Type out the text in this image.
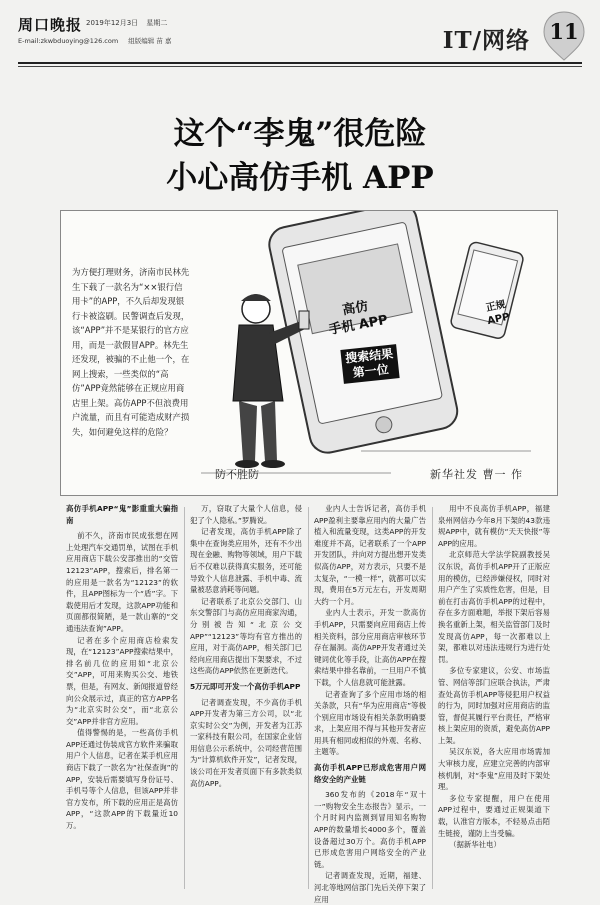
周口晚报 2019年12月3日 星期二
E-mail:zkwbduoying@126.com 组版编辑 苗 嘉	IT/网络 11
这个“李鬼”很危险
小心高仿手机 APP
为方便打理财务，济南市民林先生下载了一款名为“××银行信用卡”的APP，不久后却发现银行卡被盗刷。民警调查后发现，该“APP”并不是某银行的官方应用，而是一款假冒APP。林先生还发现，被骗的不止他一个，在网上搜索，一些类似的“高仿”APP竟然能够在正规应用商店里上架。高仿APP不但浪费用户流量，而且有可能造成财产损失，如何避免这样的危险？
高仿
手机 APP
搜索结果
第一位
正规
APP
防不胜防	新华社发 曹一 作

高仿手机APP“鬼”影重重大骗指南

前不久，济南市民成张想在网上处理汽车交通罚单，试图在手机应用商店下载公安部推出的“交管12123”APP，搜索后，排名第一的应用是一款名为“12123”的软件，且APP图标为一个“盾”字。下载使用后才发现，这款APP功能和页面都很简陋，是一款山寨的“交通违法查询”APP。

记者在多个应用商店检索发现，在“12123”APP搜索结果中，排名前几位的应用如“北京公交”APP，可用来购买公交、地铁票，但是，有网友、新闻报道曾经向公众展示过，真正的官方APP名为“北京实时公交”，而“北京公交”APP并非官方应用。

值得警惕的是，一些高仿手机APP还通过伪装成官方软件来骗取用户个人信息，记者在某手机应用商店下载了一款名为“社保查询”的APP，安装后需要填写身份证号、手机号等个人信息，但该APP并非官方发布，所下载的应用正是高仿APP，“这款APP的下载量近10万。

万，窃取了大量个人信息，侵犯了个人隐私。”罗腾说。

记者发现，高仿手机APP除了集中在查询类应用外，还有不少出现在金融、购物等领域，用户下载后不仅难以获得真实服务，还可能导致个人信息泄露、手机中毒、流量被恶意消耗等问题。

记者联系了北京公交部门、山东交警部门与高仿应用商家沟通，分别被告知“北京公交APP”“12123”等均有官方推出的应用，对于高仿APP，相关部门已经向应用商店提出下架要求，不过这些高仿APP依然在更新迭代。

5万元即可开发一个高仿手机APP

记者调查发现，不少高仿手机APP开发者为第三方公司，以“北京实时公交”为例，开发者为江苏一家科技有限公司，在国家企业信用信息公示系统中，公司经营范围为“计算机软件开发”，记者发现，该公司在开发者页面下有多款类似高仿APP。

业内人士告诉记者，高仿手机APP盈利主要靠应用内的大量广告植入和流量变现，这类APP的开发难度并不高，记者联系了一个APP开发团队，并向对方提出想开发类似高仿APP，对方表示，只要不是太复杂，“一模一样”，就都可以实现，费用在5万元左右，开发周期大约一个月。

业内人士表示，开发一款高仿手机APP，只需要向应用商店上传相关资料，部分应用商店审核环节存在漏洞。高仿APP开发者通过关键词优化等手段，让高仿APP在搜索结果中排名靠前，一旦用户不慎下载，个人信息就可能泄露。

记者查询了多个应用市场的相关条款，只有“华为应用商店”等极个别应用市场设有相关条款明确要求，上架应用不得与其他开发者应用具有相同或相似的外观、名称、主题等。

高仿手机APP已形成危害用户网络安全的产业链

360发布的《2018年“双十一”购物安全生态报告》显示，一个月时间内监测到冒用知名购物APP的数量增长4000多个，覆盖设备超过30万个。高仿手机APP已形成危害用户网络安全的产业链。

记者调查发现，近期，福建、河北等地网信部门先后关停下架了应用

用中不良高仿手机APP，福建泉州网信办今年8月下架的43款违规APP中，就有模仿“天天快报”等APP的应用。

北京师范大学法学院副教授吴汉东说，高仿手机APP开了正版应用的模仿，已经涉嫌侵权，同时对用户产生了实质性危害，但是，目前在打击高仿手机APP的过程中，存在多方面难题，举报下架后容易换名重新上架，相关监管部门及时发现高仿APP，每一次都难以上架，都难以对违法违规行为进行处罚。

多位专家建议，公安、市场监管、网信等部门应联合执法，严肃查处高仿手机APP等侵犯用户权益的行为，同时加强对应用商店的监管，督促其履行平台责任，严格审核上架应用的资质，避免高仿APP上架。

吴汉东说，各大应用市场需加大审核力度，应建立完善的内部审核机制，对“李鬼”应用及时下架处理。

多位专家提醒，用户在使用APP过程中，要通过正规渠道下载，认准官方版本，不轻易点击陌生链接，谨防上当受骗。

（据新华社电）
